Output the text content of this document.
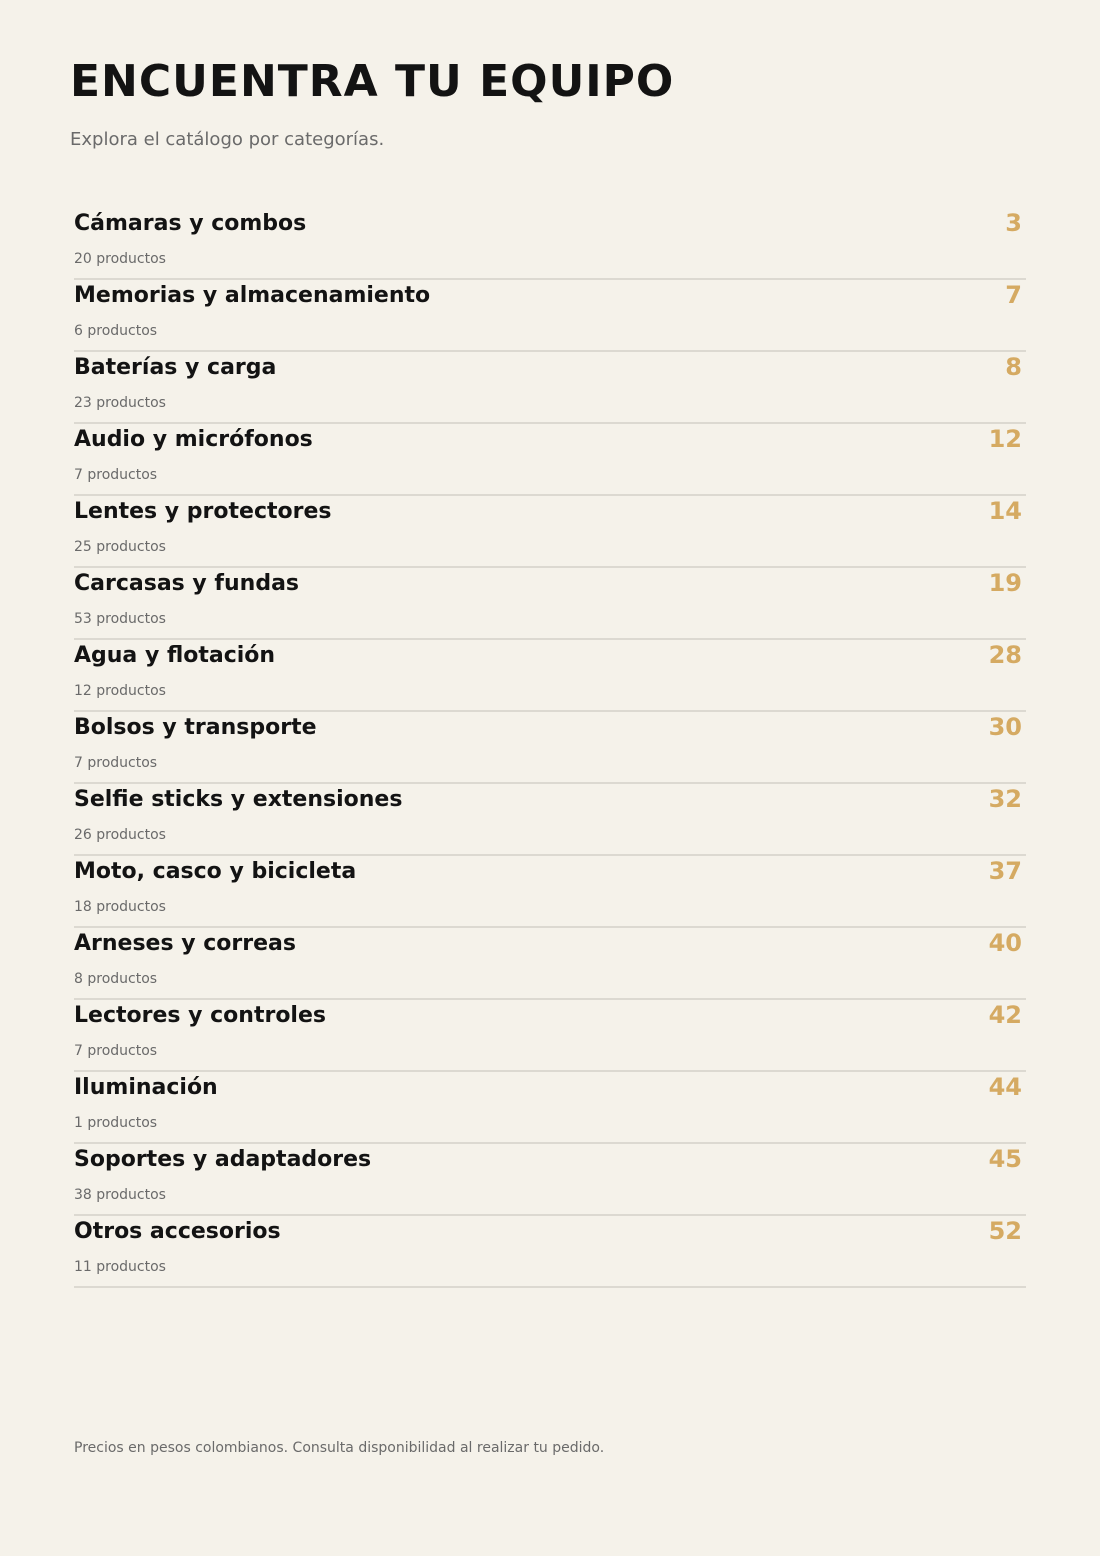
ENCUENTRA TU EQUIPO

Explora el catálogo por categorías.

Cámaras y combos
20 productos
3
Memorias y almacenamiento
6 productos
7
Baterías y carga
23 productos
8
Audio y micrófonos
7 productos
12
Lentes y protectores
25 productos
14
Carcasas y fundas
53 productos
19
Agua y flotación
12 productos
28
Bolsos y transporte
7 productos
30
Selfie sticks y extensiones
26 productos
32
Moto, casco y bicicleta
18 productos
37
Arneses y correas
8 productos
40
Lectores y controles
7 productos
42
Iluminación
1 productos
44
Soportes y adaptadores
38 productos
45
Otros accesorios
11 productos
52

Precios en pesos colombianos. Consulta disponibilidad al realizar tu pedido.
